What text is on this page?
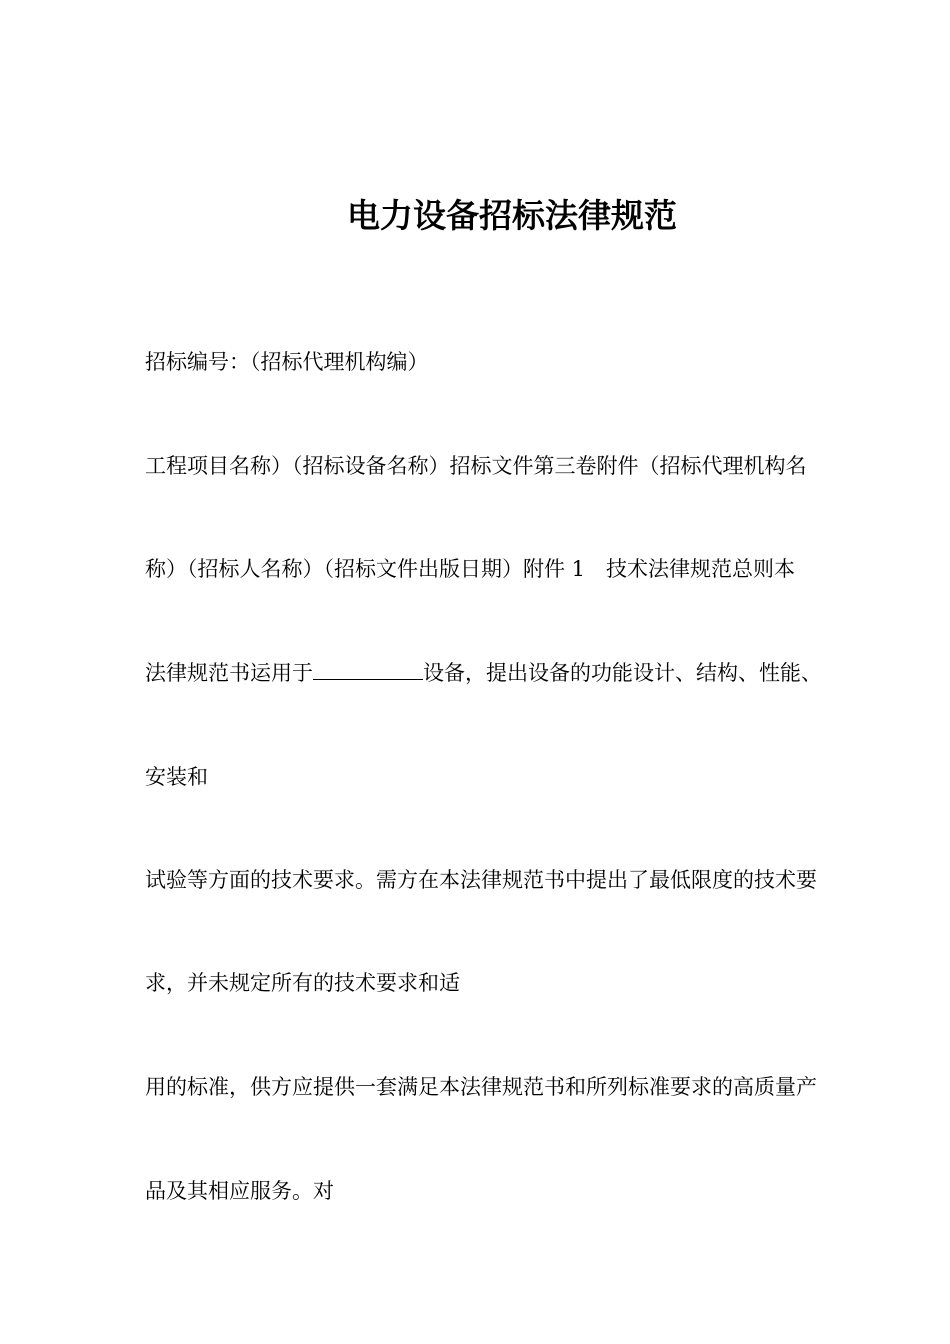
电力设备招标法律规范
招标编号：（招标代理机构编）
工程项目名称）（招标设备名称）招标文件第三卷附件（招标代理机构名
称）（招标人名称）（招标文件出版日期）附件 1　技术法律规范总则本
法律规范书运用于	设备，提出设备的功能设计、结构、性能、
安装和
试验等方面的技术要求。需方在本法律规范书中提出了最低限度的技术要
求，并未规定所有的技术要求和适
用的标准，供方应提供一套满足本法律规范书和所列标准要求的高质量产
品及其相应服务。对
